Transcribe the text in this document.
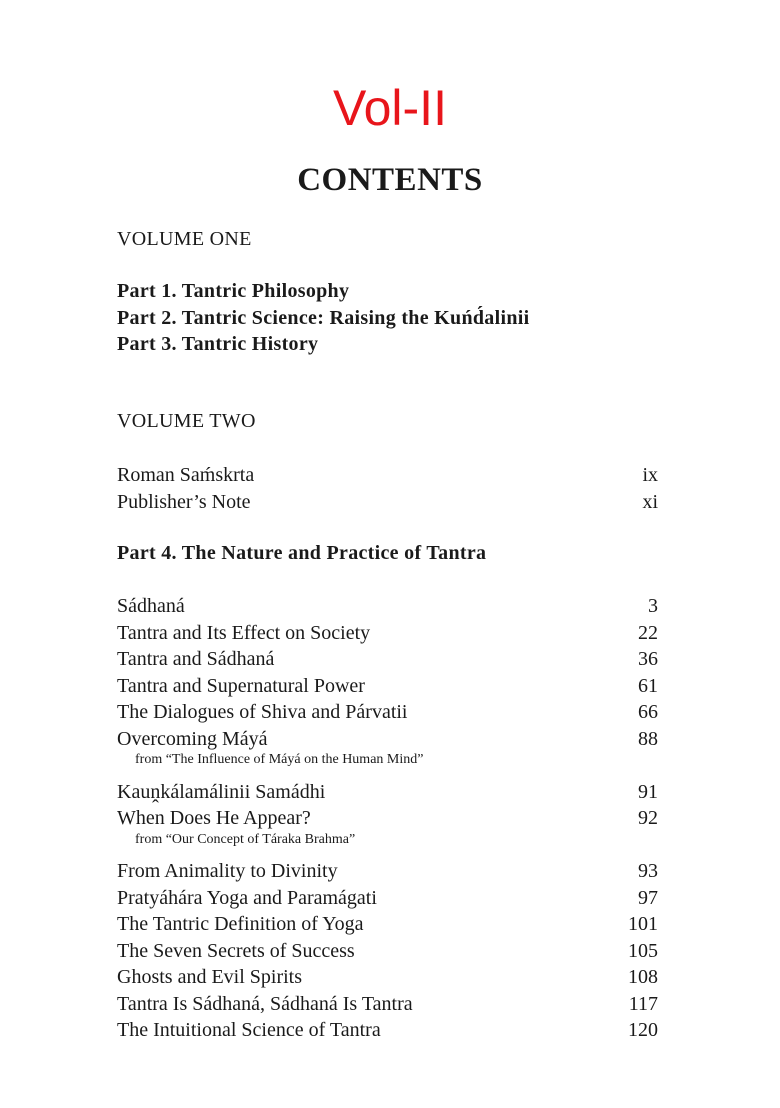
Vol-II
CONTENTS
VOLUME ONE
Part 1. Tantric Philosophy
Part 2. Tantric Science: Raising the Kuńd́alinii
Part 3. Tantric History
VOLUME TWO
Roman Saḿskrta	ix
Publisher’s Note	xi
Part 4. The Nature and Practice of Tantra
Sádhaná	3
Tantra and Its Effect on Society	22
Tantra and Sádhaná	36
Tantra and Supernatural Power	61
The Dialogues of Shiva and Párvatii	66
Overcoming Máyá	88
from “The Influence of Máyá on the Human Mind”
Kauṋkálamálinii Samádhi	91
When Does He Appear?	92
from “Our Concept of Táraka Brahma”
From Animality to Divinity	93
Pratyáhára Yoga and Paramágati	97
The Tantric Definition of Yoga	101
The Seven Secrets of Success	105
Ghosts and Evil Spirits	108
Tantra Is Sádhaná, Sádhaná Is Tantra	117
The Intuitional Science of Tantra	120
